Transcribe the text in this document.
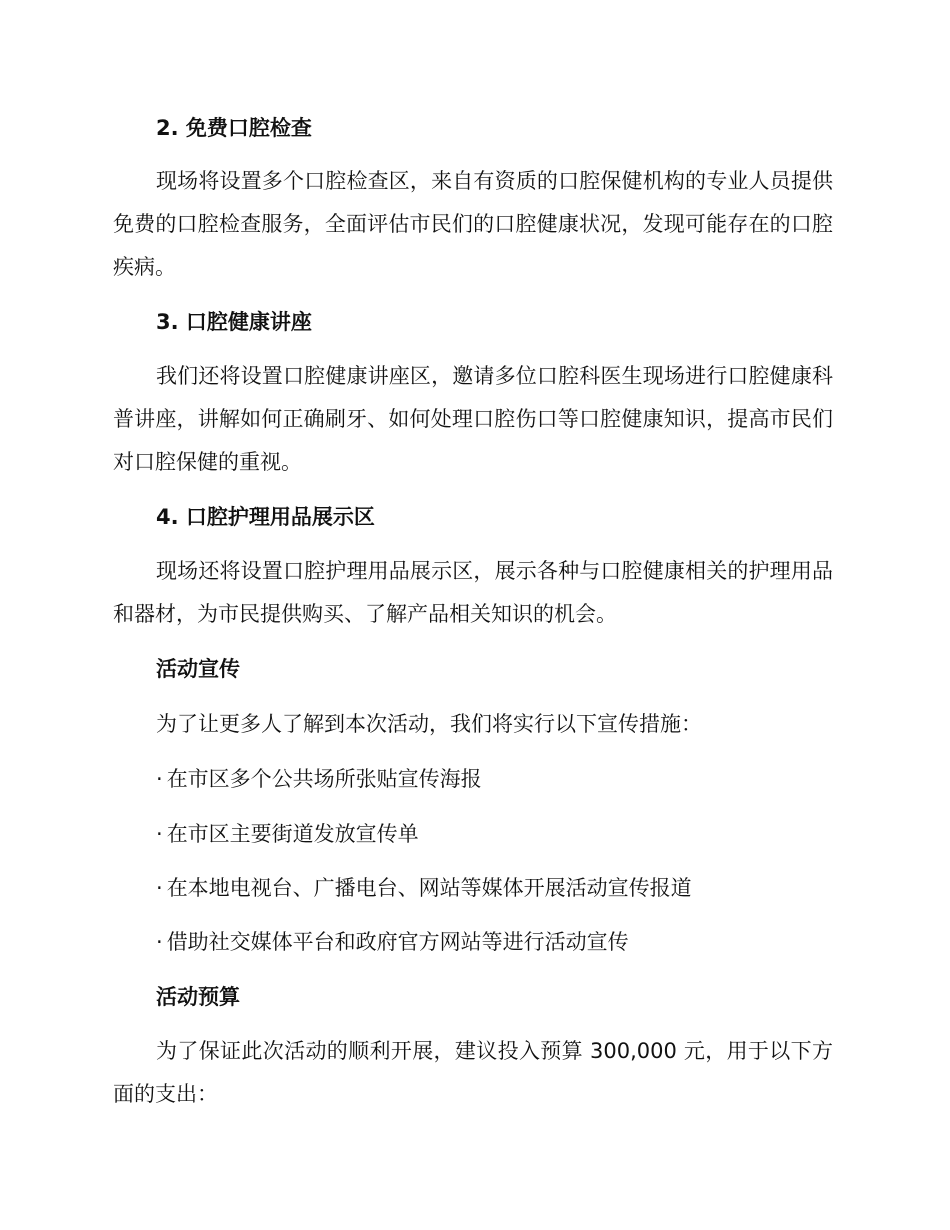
2. 免费口腔检查
现场将设置多个口腔检查区，来自有资质的口腔保健机构的专业人员提供免费的口腔检查服务，全面评估市民们的口腔健康状况，发现可能存在的口腔疾病。
3. 口腔健康讲座
我们还将设置口腔健康讲座区，邀请多位口腔科医生现场进行口腔健康科普讲座，讲解如何正确刷牙、如何处理口腔伤口等口腔健康知识，提高市民们对口腔保健的重视。
4. 口腔护理用品展示区
现场还将设置口腔护理用品展示区，展示各种与口腔健康相关的护理用品和器材，为市民提供购买、了解产品相关知识的机会。
活动宣传
为了让更多人了解到本次活动，我们将实行以下宣传措施：
· 在市区多个公共场所张贴宣传海报
· 在市区主要街道发放宣传单
· 在本地电视台、广播电台、网站等媒体开展活动宣传报道
· 借助社交媒体平台和政府官方网站等进行活动宣传
活动预算
为了保证此次活动的顺利开展，建议投入预算 300,000 元，用于以下方面的支出：
